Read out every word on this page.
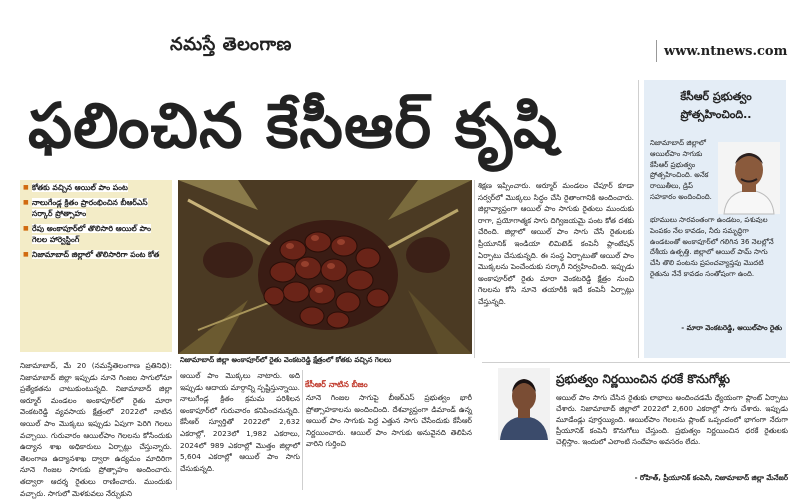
నమస్తే తెలంగాణ	www.ntnews.com
ఫలించిన కేసీఆర్ కృషి
■ కోతకు వచ్చిన ఆయిల్ పాం పంట
■ నాలుగేండ్ల క్రితం ప్రారంభించిన బీఆర్‌ఎస్ సర్కార్ ప్రోత్సాహం
■ రేపు అంకాపూర్‌లో తొలిసారి ఆయిల్ పాం గెలల హార్వెస్టింగ్
■ నిజామాబాద్ జిల్లాలో తొలిసారిగా పంట కోత
నిజామాబాద్ జిల్లా అంకాపూర్‌లో రైతు వెంకటరెడ్డి క్షేత్రంలో కోతకు వచ్చిన గెలలు

నిజామాబాద్, మే 20 (నమస్తేతెలంగాణ ప్రతినిధి): నిజామాబాద్ జిల్లా ఇప్పుడు నూనె గింజల సాగులోనూ ప్రత్యేకతను చాటుకుంటున్నది. నిజామాబాద్ జిల్లా ఆర్మూర్ మండలం అంకాపూర్‌లో రైతు మారా వెంకటరెడ్డి వ్యవసాయ క్షేత్రంలో 2022లో నాటిన ఆయిల్ పాం మొక్కలు ఇప్పుడు ఏపుగా పెరిగి గెలలు వచ్చాయి. గురువారం ఆయిల్‌పాం గెలలను కోసేందుకు ఉద్యాన శాఖ అధికారులు ఏర్పాట్లు చేస్తున్నారు. తెలంగాణ ఉద్యానశాఖ ద్వారా ఉద్యమం మాదిరిగా నూనె గింజల సాగుకు ప్రోత్సాహం అందించారు. తద్వారా ఆదర్శ రైతులు రాణించారు. ముందుకు వచ్చారు. సాగులో మెళకువలు నేర్చుకుని

ఆయిల్ పాం మొక్కలు నాటారు. అది ఇప్పుడు ఆదాయ మార్గాన్ని స్పష్టిస్తున్నాయి. నాలుగేండ్ల క్రితం క్రమమ పరిశీలన అంకాపూర్‌లో గురువారం కనిపించనున్నది. కేసీఆర్ స్వూర్తితో 2022లో 2,632 ఎకరాల్లో, 2023లో 1,982 ఎకరాలు, 2024లో 989 ఎకరాల్లో మొత్తం జిల్లాలో 5,604 ఎకరాల్లో ఆయిల్ పాం సాగు చేసుకున్నది.

కేసీఆర్ నాటిన బీజం

నూనె గింజల సాగుపై బీఆర్ఎస్ ప్రభుత్వం భారీ ప్రోత్సాహకాలను అందించింది. దేశవ్యాప్తంగా డిమాండ్ ఉన్న ఆయిల్ పాం సాగుకు పెద్ద ఎత్తున సాగు చేసేందుకు కేసీఆర్ నిర్ణయించారు. ఆయిల్ పాం సాగుకు అనువైనది తెలిపిన వారిని గుర్తించి

శిక్షణ ఇప్పించారు. ఆర్మూర్ మండలం చేపూర్ కూడా సర్వర్‌లో మొక్కలు సిద్ధం చేసి రైతాంగానికి అందించారు. జిల్లావ్యాప్తంగా ఆయిల్ పాం సాగుకు రైతులు ముందుకు రాగా, ప్రయోగాత్మక సాగు దిగ్విజయమై పంట కోత దశకు చేరింది. జిల్లాలో ఆయిల్ పాం సాగు చేసే రైతులకు ప్రీయూనిక్ ఇండియా లిమిటెడ్ కంపెనీ ప్లాంటేషన్ ఏర్పాటు చేసుకున్నది. ఈ సంస్థ ఏర్పాటుతో ఆయిల్ పాం మొక్కలను పెంచేందుకు సర్కారీ నిర్వహించింది. ఇప్పుడు అంకాపూర్‌లో రైతు మారా వెంకటరెడ్డి క్షేత్రం నుంచి గెలలను కోసి నూనె తయారీకి ఇదే కంపెనీ ఏర్పాట్లు చేస్తున్నది.

కేసీఆర్ ప్రభుత్వం ప్రోత్సహించింది..
నిజామాబాద్ జిల్లాలో ఆయిల్‌పాం సాగుకు కేసీఆర్ ప్రభుత్వం ప్రోత్సహించింది. అనేక రాయితీలు, డ్రిప్ సహకారం అందించింది.
భూములు సారవంతంగా ఉండటం, పశువుల పెంపకం నేల కావడం, నీరు సమృద్ధిగా ఉండటంతో అంకాపూర్‌లో గలిగిన 36 నెలల్లోనే దేశీయ ఉత్పత్తి. జిల్లాలో ఆయిల్ పామ్ సాగు చేసి తొలి పంటను ప్రపంచవ్యాప్తపు మొదటి రైతును నేనే కావడం సంతోషంగా ఉంది.
- మారా వెంకటరెడ్డి, ఆయిల్‌పాం రైతు
ప్రభుత్వం నిర్ణయించిన ధరకే కొనుగోళ్లు
ఆయిల్ పాం సాగు చేసిన రైతుకు లాభాలు అందించడమే ధ్యేయంగా ప్లాంట్ ఏర్పాటు చేశారు. నిజామాబాద్ జిల్లాలో 2022లో 2,600 ఎకరాల్లో సాగు చేశారు. ఇప్పుడు మూడేండ్లు పూర్తయ్యింది. ఆయిల్‌పాం గెలలను ప్లాంట్ ఒప్పందంలో భాగంగా నేరుగా ప్రీయూనిక్ కంపెనీ కొనుగోలు చేస్తుంది. ప్రభుత్వం నిర్ణయించిన ధరకే రైతులకు చెల్లిస్తాం. ఇందులో ఎలాంటి సందేహం అవసరం లేదు.
- రోహిత్, ప్రీయూనిక్ కంపెనీ, నిజామాబాద్ జిల్లా మేనేజర్
